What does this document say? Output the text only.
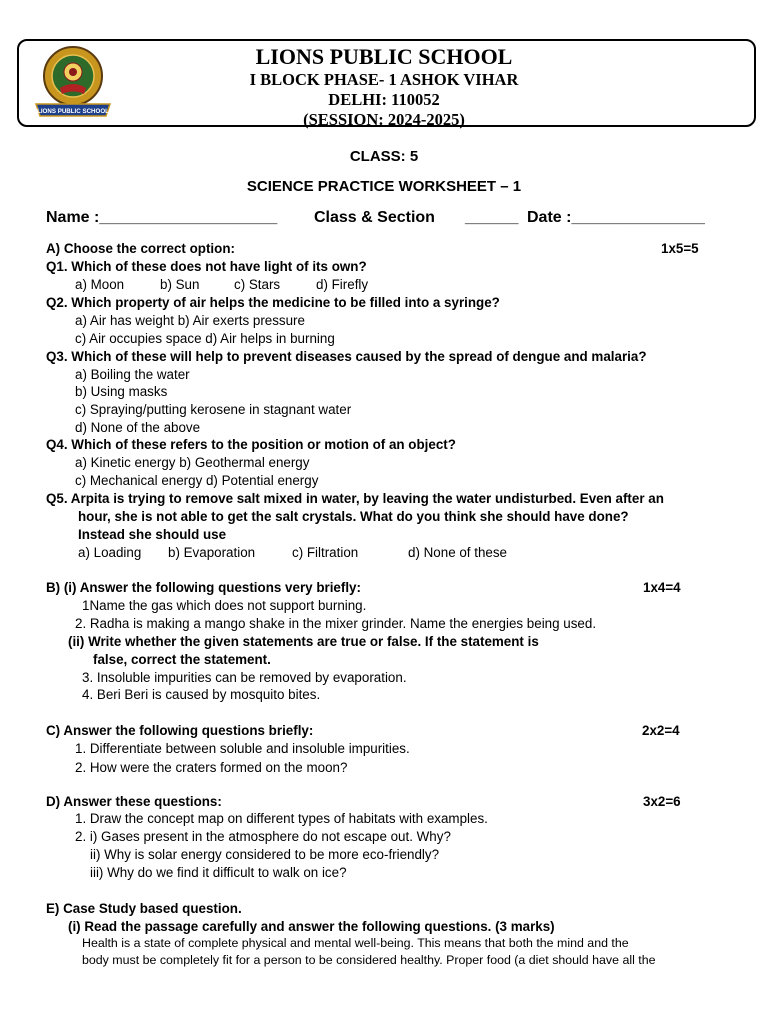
LIONS PUBLIC SCHOOL
LIONS PUBLIC SCHOOL
I BLOCK PHASE- 1 ASHOK VIHAR
DELHI: 110052
(SESSION: 2024-2025)
CLASS: 5
SCIENCE PRACTICE WORKSHEET – 1
Name :____________________ Class & Section ______ Date :_______________
A) Choose the correct option:	1x5=5
Q1. Which of these does not have light of its own?
a) Moon	b) Sun	c) Stars	d) Firefly
Q2. Which property of air helps the medicine to be filled into a syringe?
a) Air has weight b) Air exerts pressure
c) Air occupies space d) Air helps in burning
Q3. Which of these will help to prevent diseases caused by the spread of dengue and malaria?
a) Boiling the water
b) Using masks
c) Spraying/putting kerosene in stagnant water
d) None of the above
Q4. Which of these refers to the position or motion of an object?
a) Kinetic energy b) Geothermal energy
c) Mechanical energy d) Potential energy
Q5. Arpita is trying to remove salt mixed in water, by leaving the water undisturbed. Even after an
hour, she is not able to get the salt crystals. What do you think she should have done?
Instead she should use
a) Loading b) Evaporation	c) Filtration	d) None of these
B) (i) Answer the following questions very briefly:	1x4=4
1Name the gas which does not support burning.
2. Radha is making a mango shake in the mixer grinder. Name the energies being used.
(ii) Write whether the given statements are true or false. If the statement is
false, correct the statement.
3. Insoluble impurities can be removed by evaporation.
4. Beri Beri is caused by mosquito bites.
C) Answer the following questions briefly:	2x2=4
1. Differentiate between soluble and insoluble impurities.
2. How were the craters formed on the moon?
D) Answer these questions:	3x2=6
1. Draw the concept map on different types of habitats with examples.
2. i) Gases present in the atmosphere do not escape out. Why?
ii) Why is solar energy considered to be more eco-friendly?
iii) Why do we find it difficult to walk on ice?
E) Case Study based question.
(i) Read the passage carefully and answer the following questions. (3 marks)
Health is a state of complete physical and mental well-being. This means that both the mind and the
body must be completely fit for a person to be considered healthy. Proper food (a diet should have all the
